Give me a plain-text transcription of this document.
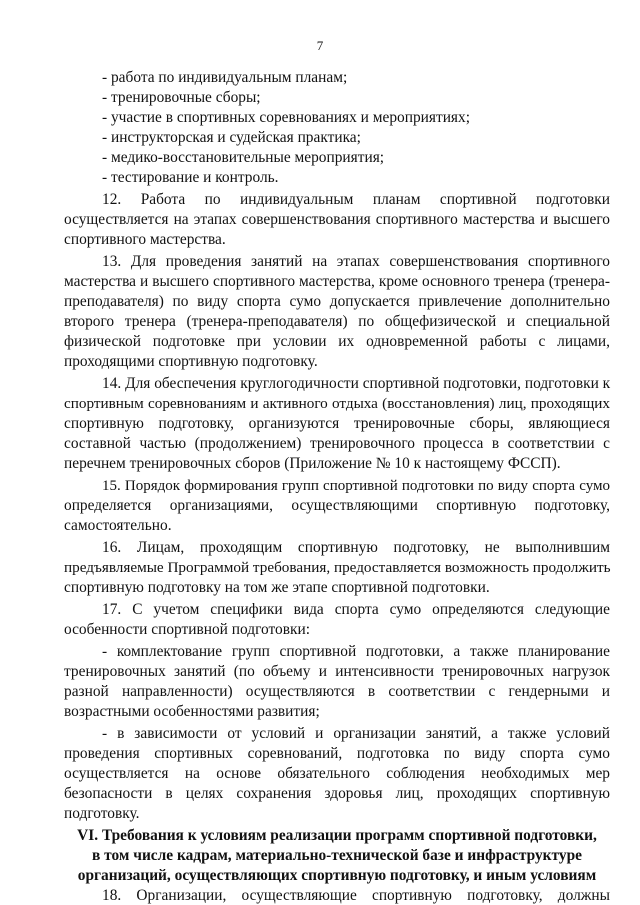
7
- работа по индивидуальным планам;
- тренировочные сборы;
- участие в спортивных соревнованиях и мероприятиях;
- инструкторская и судейская практика;
- медико-восстановительные мероприятия;
- тестирование и контроль.
12. Работа по индивидуальным планам спортивной подготовки
осуществляется на этапах совершенствования спортивного мастерства и высшего
спортивного мастерства.
13. Для проведения занятий на этапах совершенствования спортивного
мастерства и высшего спортивного мастерства, кроме основного тренера (тренера-
преподавателя) по виду спорта сумо допускается привлечение дополнительно
второго тренера (тренера-преподавателя) по общефизической и специальной
физической подготовке при условии их одновременной работы с лицами,
проходящими спортивную подготовку.
14. Для обеспечения круглогодичности спортивной подготовки, подготовки к
спортивным соревнованиям и активного отдыха (восстановления) лиц, проходящих
спортивную подготовку, организуются тренировочные сборы, являющиеся
составной частью (продолжением) тренировочного процесса в соответствии с
перечнем тренировочных сборов (Приложение № 10 к настоящему ФССП).
15. Порядок формирования групп спортивной подготовки по виду спорта сумо
определяется организациями, осуществляющими спортивную подготовку,
самостоятельно.
16. Лицам, проходящим спортивную подготовку, не выполнившим
предъявляемые Программой требования, предоставляется возможность продолжить
спортивную подготовку на том же этапе спортивной подготовки.
17. С учетом специфики вида спорта сумо определяются следующие
особенности спортивной подготовки:
- комплектование групп спортивной подготовки, а также планирование
тренировочных занятий (по объему и интенсивности тренировочных нагрузок
разной направленности) осуществляются в соответствии с гендерными и
возрастными особенностями развития;
- в зависимости от условий и организации занятий, а также условий
проведения спортивных соревнований, подготовка по виду спорта сумо
осуществляется на основе обязательного соблюдения необходимых мер
безопасности в целях сохранения здоровья лиц, проходящих спортивную
подготовку.
VI. Требования к условиям реализации программ спортивной подготовки,
в том числе кадрам, материально-технической базе и инфраструктуре
организаций, осуществляющих спортивную подготовку, и иным условиям
18. Организации, осуществляющие спортивную подготовку, должны
